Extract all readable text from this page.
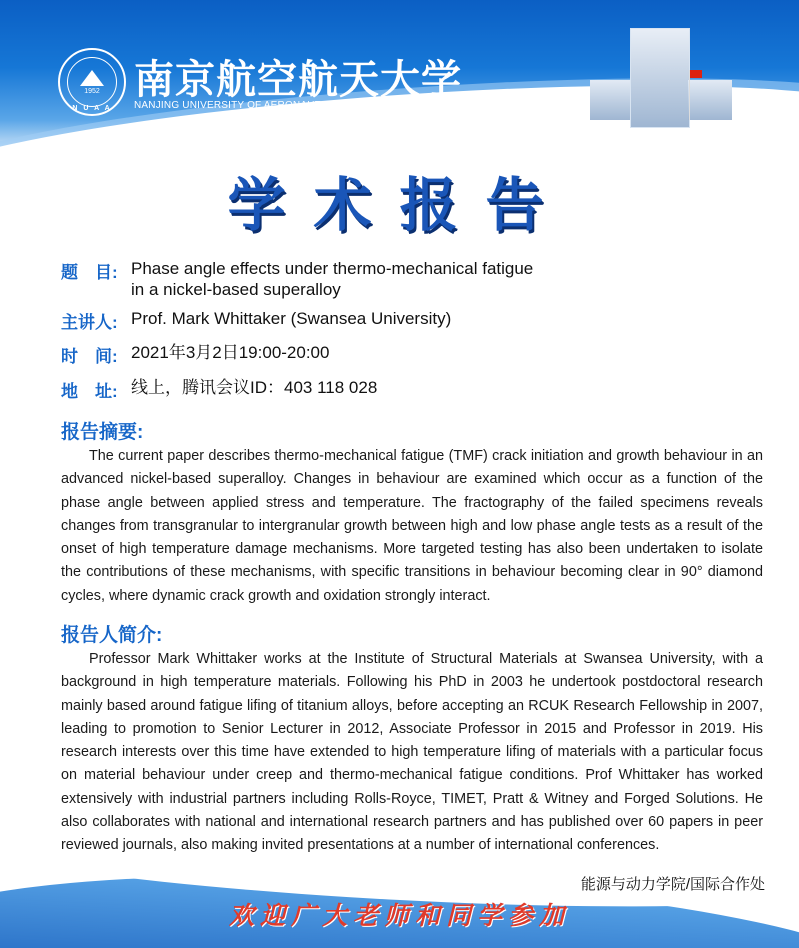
1952
N U A A
南京航空航天大学
NANJING UNIVERSITY OF AERONAUTICS AND ASTRONAUTICS
学术报告
题　目: Phase angle effects under thermo-mechanical fatigue
in a nickel-based superalloy
主讲人: Prof. Mark Whittaker (Swansea University)
时　间: 2021年3月2日19:00-20:00
地　址: 线上，腾讯会议ID：403 118 028
报告摘要:

The current paper describes thermo-mechanical fatigue (TMF) crack initiation and growth behaviour in an advanced nickel-based superalloy. Changes in behaviour are examined which occur as a function of the phase angle between applied stress and temperature. The fractography of the failed specimens reveals changes from transgranular to intergranular growth between high and low phase angle tests as a result of the onset of high temperature damage mechanisms. More targeted testing has also been undertaken to isolate the contributions of these mechanisms, with specific transitions in behaviour becoming clear in 90° diamond cycles, where dynamic crack growth and oxidation strongly interact.

报告人简介:

Professor Mark Whittaker works at the Institute of Structural Materials at Swansea University, with a background in high temperature materials. Following his PhD in 2003 he undertook postdoctoral research mainly based around fatigue lifing of titanium alloys, before accepting an RCUK Research Fellowship in 2007, leading to promotion to Senior Lecturer in 2012, Associate Professor in 2015 and Professor in 2019. His research interests over this time have extended to high temperature lifing of materials with a particular focus on material behaviour under creep and thermo-mechanical fatigue conditions. Prof Whittaker has worked extensively with industrial partners including Rolls-Royce, TIMET, Pratt & Witney and Forged Solutions. He also collaborates with national and international research partners and has published over 60 papers in peer reviewed journals, also making invited presentations at a number of international conferences.

能源与动力学院/国际合作处
欢迎广大老师和同学参加
